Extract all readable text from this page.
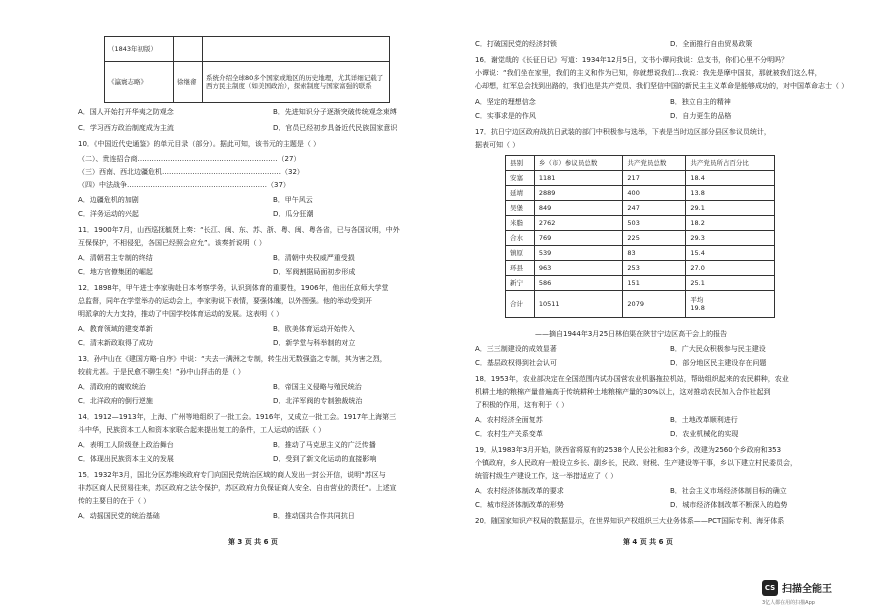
（1843年初版）		
《瀛寰志略》	徐继畬	系统介绍全球80多个国家或地区的历史地理，尤其详细记载了西方民主制度（如美国政治），探索制度与国家富强的联系
A．国人开始打开华夷之防观念	B．先进知识分子逐渐突破传统观念束缚
C．学习西方政治制度成为主流	D．官员已经初步具备近代民族国家意识
10．《中国近代史通鉴》的单元目录（部分）。据此可知，该书元的主题是（ ）
（二）、贵连招合商……………………………………………………（27）
（三）西南、西北边疆危机……………………………………………（32）
（四）中法战争……………………………………………………（37）
A．边疆危机的加剧	B．甲午风云
C．洋务运动的兴起	D．瓜分狂潮
11．1900年7月，山西巡抚毓贤上奏：“长江、闽、东、苏、浙、粤、闽、粤各省，已与各国议明，中外
互保保护，不相侵犯，各国已经照会应允”。该奏折说明（ ）
A．清朝君主专制的终结	B．清朝中央权威严重受损
C．地方官僚集团的崛起	D．军阀割据局面初步形成
12．1898年，甲午进士李家驹赴日本考察学务，认识到体育的重要性，1906年，他出任京师大学堂
总监督，同年在学堂举办的运动会上，李家驹说下表情，要强体魄，以外图强。他的举动受到开
明派拿的大力支持，推动了中国学校体育运动的发展。这表明（ ）
A．教育领域的建变革新	B．欧美体育运动开始传入
C．清末新政取得了成功	D．新学堂与科举制的对立
13．孙中山在《建国方略·自序》中说：“夫去一满洲之专制，转生出无数强盗之专制，其为害之烈，
较前尤甚。于是民愈不聊生矣！”孙中山抨击的是（ ）
A．清政府的腐败统治	B．帝国主义侵略与殖民统治
C．北洋政府的倒行逆施	D．北洋军阀的专制独裁统治
14．1912—1913年，上海、广州等地组织了一批工会。1916年，又成立一批工会。1917年上海第三
斗中华，民族资本工人和资本家联合起来提出复工的条件，工人运动的活跃（ ）
A．表明工人阶级登上政治舞台	B．推动了马克思主义的广泛传播
C．体现出民族资本主义的发展	D．受到了新文化运动的直接影响
15．1932年3月，国北分区苏维埃政府专门向国民党统治区域的商人发出一封公开信，说明“苏区与
非苏区商人民贸易往来，苏区政府之法令保护，苏区政府力负保证商人安全、自由营业的责任”。上述宣
传的主要目的在于（ ）
A．动摇国民党的统治基础	B．推动国共合作共同抗日
第 3 页 共 6 页
C．打破国民党的经济封锁	D．全面推行自由贸易政策
16．谢觉哉的《长征日记》写道：1934年12月5日，文书小谭问我说：总支书，你们心里不分明吗？
小谭说：“我们坐在家里，我们的主义和作为已知，你就想说我们…我说：我先是摩中国贫，那就被我们这么样，
心却想，红军总会找到出路的，我们也是共产党员、我们坚信中国的新民主主义革命是能够成功的，对中国革命志士（ ）
A．坚定的理想信念	B．独立自主的精神
C．实事求是的作风	D．自力更生的品格
17．抗日宁边区政府战抗日武装的部门中积极参与选举，下表是当时边区部分县区参议员统计，
据表可知（ ）
县别	乡（市）参议员总数	共产党员总数	共产党员所占百分比
安塞	1181	217	18.4
延靖	2889	400	13.8
吴堡	849	247	29.1
米脂	2762	503	18.2
合水	769	225	29.3
镇原	539	83	15.4
环县	963	253	27.0
新宁	586	151	25.1
合计	10511	2079	平均
19.8
——摘自1944年3月25日林伯渠在陕甘宁边区高干会上的报告
A．三三制建设的成效显著	B．广大民众积极参与民主建设
C．基层政权得到社会认可	D．部分地区民主建设存在问题
18．1953年，农业部决定在全国范围内试办国营农业机器拖拉机站，帮助组织起来的农民耕种，农业
机耕土地的粮棉产量普遍高于传统耕种土地粮棉产量的30%以上，这对推动农民加入合作社起到
了积极的作用，这有利于（ ）
A．农村经济全面复苏	B．土地改革顺利进行
C．农村生产关系变革	D．农业机械化的实现
19．从1983年3月开始，陕西省将原有的2538个人民公社和83个乡，改建为2560个乡政府和353
个镇政府，乡人民政府一般设立乡长、副乡长，民政、财税、生产建设等干事，乡以下建立村民委员会，
统管村级生产建设工作，这一举措适应了（ ）
A．农村经济体制改革的要求	B．社会主义市场经济体制目标的确立
C．城市经济体制改革的形势	D．城市经济体制改革不断深入的趋势
20．随国家知识产权局的数据显示，在世界知识产权组织三大业务体系——PCT国际专利、海牙体系
第 4 页 共 6 页
CS 扫描全能王
3亿人都在用的扫描App
